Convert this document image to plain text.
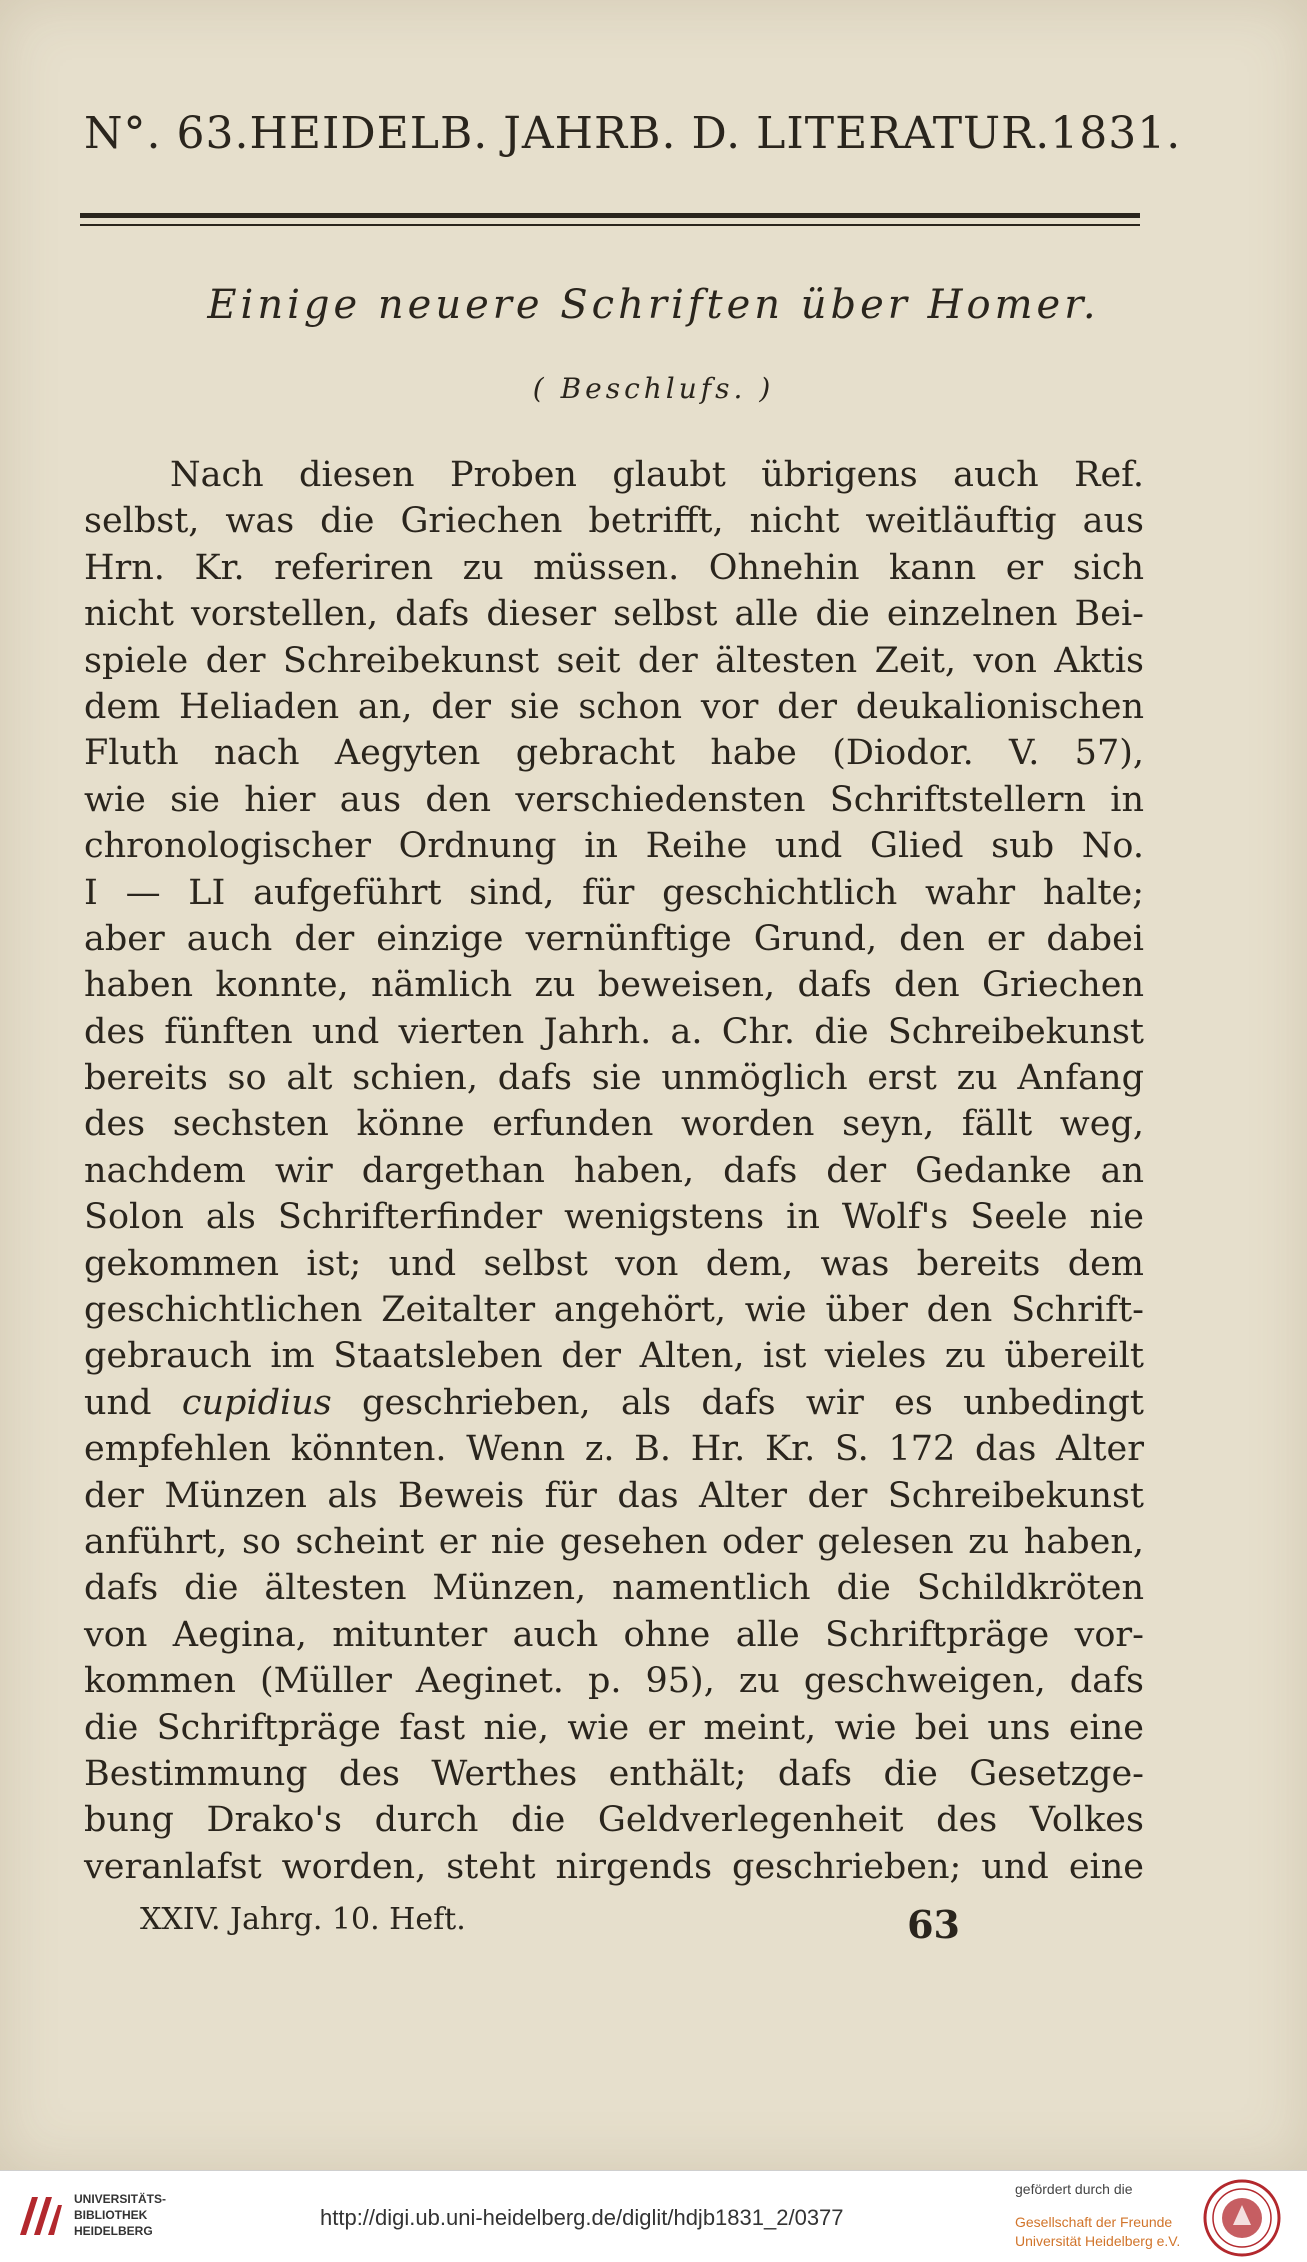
N°. 63. HEIDELB. JAHRB. D. LITERATUR. 1831.
Einige neuere Schriften über Homer.
( Beschlufs. )
Nach diesen Proben glaubt übrigens auch Ref.
selbst, was die Griechen betrifft, nicht weitläuftig aus
Hrn. Kr. referiren zu müssen. Ohnehin kann er sich
nicht vorstellen, dafs dieser selbst alle die einzelnen Bei-
spiele der Schreibekunst seit der ältesten Zeit, von Aktis
dem Heliaden an, der sie schon vor der deukalionischen
Fluth nach Aegyten gebracht habe (Diodor. V. 57),
wie sie hier aus den verschiedensten Schriftstellern in
chronologischer Ordnung in Reihe und Glied sub No.
I — LI aufgeführt sind, für geschichtlich wahr halte;
aber auch der einzige vernünftige Grund, den er dabei
haben konnte, nämlich zu beweisen, dafs den Griechen
des fünften und vierten Jahrh. a. Chr. die Schreibekunst
bereits so alt schien, dafs sie unmöglich erst zu Anfang
des sechsten könne erfunden worden seyn, fällt weg,
nachdem wir dargethan haben, dafs der Gedanke an
Solon als Schrifterfinder wenigstens in Wolf's Seele nie
gekommen ist; und selbst von dem, was bereits dem
geschichtlichen Zeitalter angehört, wie über den Schrift-
gebrauch im Staatsleben der Alten, ist vieles zu übereilt
und cupidius geschrieben, als dafs wir es unbedingt
empfehlen könnten. Wenn z. B. Hr. Kr. S. 172 das Alter
der Münzen als Beweis für das Alter der Schreibekunst
anführt, so scheint er nie gesehen oder gelesen zu haben,
dafs die ältesten Münzen, namentlich die Schildkröten
von Aegina, mitunter auch ohne alle Schriftpräge vor-
kommen (Müller Aeginet. p. 95), zu geschweigen, dafs
die Schriftpräge fast nie, wie er meint, wie bei uns eine
Bestimmung des Werthes enthält; dafs die Gesetzge-
bung Drako's durch die Geldverlegenheit des Volkes
veranlafst worden, steht nirgends geschrieben; und eine
XXIV. Jahrg. 10. Heft.	63
UNIVERSITÄTS-
BIBLIOTHEK
HEIDELBERG
http://digi.ub.uni-heidelberg.de/diglit/hdjb1831_2/0377
gefördert durch die
Gesellschaft der Freunde
Universität Heidelberg e.V.
